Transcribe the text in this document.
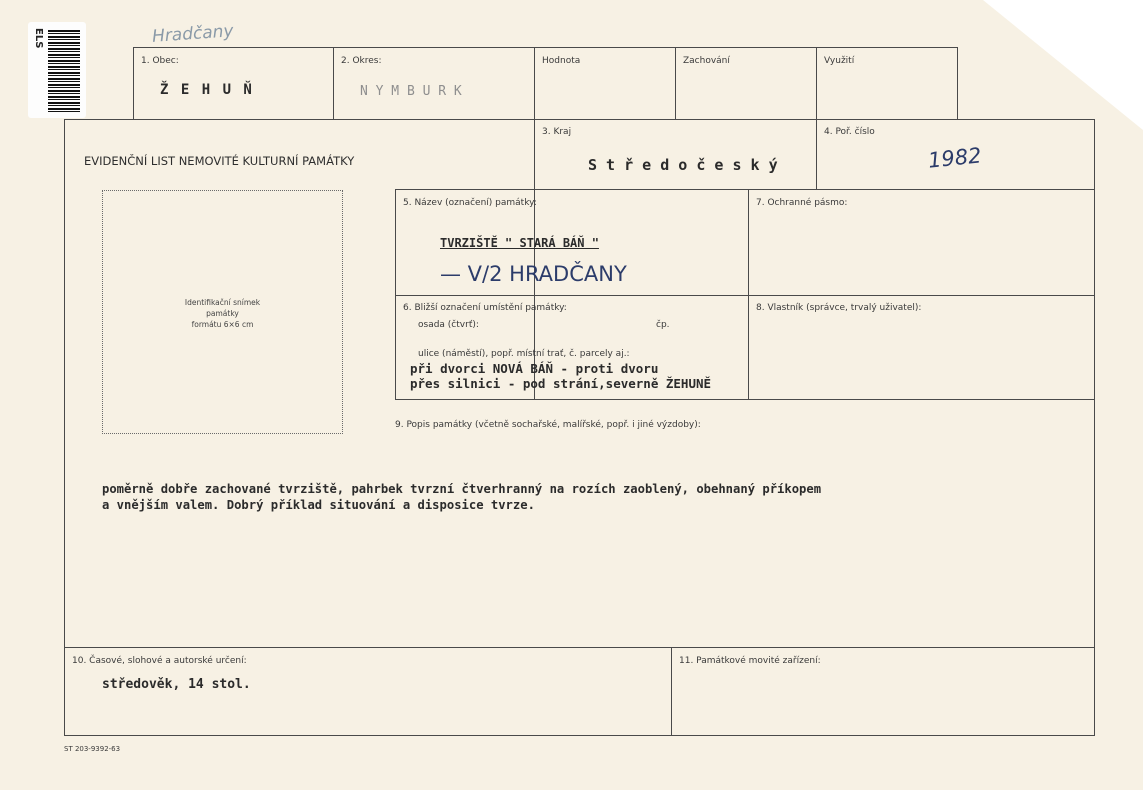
ELS	Hradčany
1. Obec:
Ž E H U Ň
2. Okres:
N Y M B U R K
Hodnota	Zachování	Využití
EVIDENČNÍ LIST NEMOVITÉ KULTURNÍ PAMÁTKY
3. Kraj
S t ř e d o č e s k ý
4. Poř. číslo
1982
Identifikační snímek
památky
formátu 6×6 cm
5. Název (označení) památky:
TVRZIŠTĚ " STARÁ BÁŇ "
— V/2 HRADČANY
7. Ochranné pásmo:
6. Bližší označení umístění památky:
osada (čtvrť):	čp.
ulice (náměstí), popř. místní trať, č. parcely aj.:
při dvorci NOVÁ BÁŇ - proti dvoru
přes silnici - pod strání,severně ŽEHUNĚ
8. Vlastník (správce, trvalý uživatel):
9. Popis památky (včetně sochařské, malířské, popř. i jiné výzdoby):
poměrně dobře zachované tvrziště, pahrbek tvrzní čtverhranný na rozích zaoblený, obehnaný příkopem
a vnějším valem. Dobrý příklad situování a disposice tvrze.
10. Časové, slohové a autorské určení:
středověk, 14 stol.
11. Památkové movité zařízení:
ST 203-9392-63
